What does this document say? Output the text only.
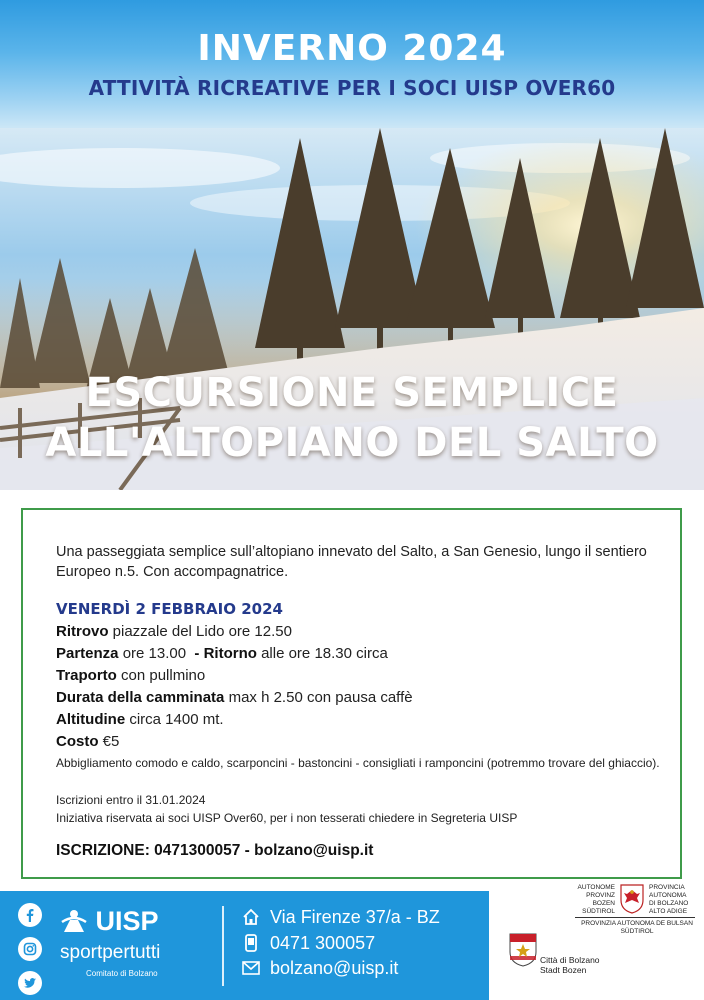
INVERNO 2024
ATTIVITÀ RICREATIVE PER I SOCI UISP OVER60
ESCURSIONE SEMPLICE
ALL'ALTOPIANO DEL SALTO
Una passeggiata semplice sull’altopiano innevato del Salto, a San Genesio, lungo il sentiero Europeo n.5. Con accompagnatrice.
VENERDÌ 2 FEBBRAIO 2024
Ritrovo piazzale del Lido ore 12.50
Partenza ore 13.00  - Ritorno alle ore 18.30 circa
Traporto con pullmino
Durata della camminata max h 2.50 con pausa caffè
Altitudine circa 1400 mt.
Costo €5
Abbigliamento comodo e caldo, scarponcini - bastoncini - consigliati i ramponcini (potremmo trovare del ghiaccio).
Iscrizioni entro il 31.01.2024
Iniziativa riservata ai soci UISP Over60, per i non tesserati chiedere in Segreteria UISP
ISCRIZIONE: 0471300057 - bolzano@uisp.it
UISP
sportpertutti
Comitato di Bolzano
Via Firenze 37/a - BZ
0471 300057
bolzano@uisp.it
AUTONOME
PROVINZ
BOZEN
SÜDTIROL
PROVINCIA
AUTONOMA
DI BOLZANO
ALTO ADIGE
PROVINZIA AUTONOMA DE BULSAN
SÜDTIROL
Città di Bolzano
Stadt Bozen
